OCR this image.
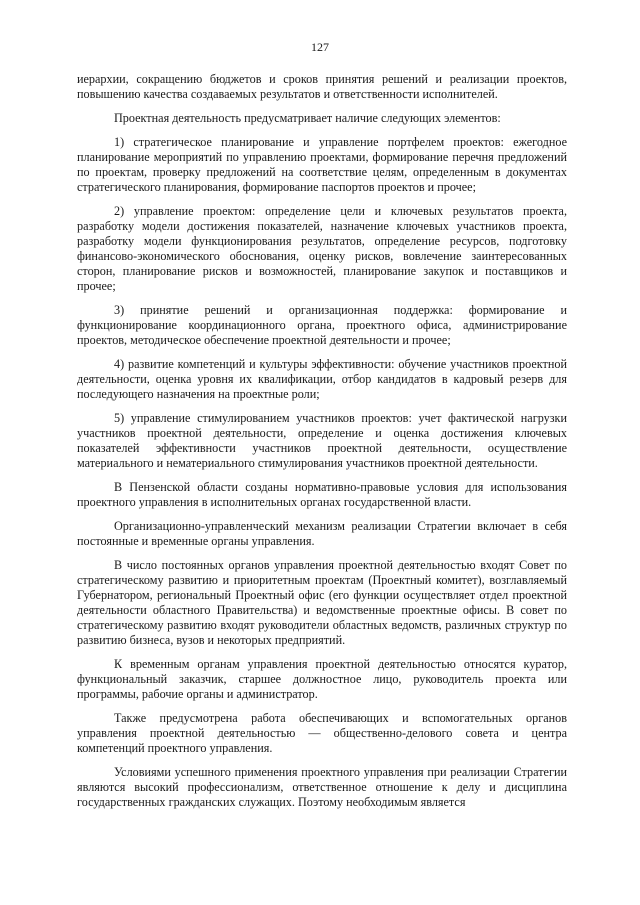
127

иерархии, сокращению бюджетов и сроков принятия решений и реализации проектов, повышению качества создаваемых результатов и ответственности исполнителей.

Проектная деятельность предусматривает наличие следующих элементов:

1) стратегическое планирование и управление портфелем проектов: ежегодное планирование мероприятий по управлению проектами, формирование перечня предложений по проектам, проверку предложений на соответствие целям, определенным в документах стратегического планирования, формирование паспортов проектов и прочее;

2) управление проектом: определение цели и ключевых результатов проекта, разработку модели достижения показателей, назначение ключевых участников проекта, разработку модели функционирования результатов, определение ресурсов, подготовку финансово-экономического обоснования, оценку рисков, вовлечение заинтересованных сторон, планирование рисков и возможностей, планирование закупок и поставщиков и прочее;

3) принятие решений и организационная поддержка: формирование и функционирование координационного органа, проектного офиса, администрирование проектов, методическое обеспечение проектной деятельности и прочее;

4) развитие компетенций и культуры эффективности: обучение участников проектной деятельности, оценка уровня их квалификации, отбор кандидатов в кадровый резерв для последующего назначения на проектные роли;

5) управление стимулированием участников проектов: учет фактической нагрузки участников проектной деятельности, определение и оценка достижения ключевых показателей эффективности участников проектной деятельности, осуществление материального и нематериального стимулирования участников проектной деятельности.

В Пензенской области созданы нормативно-правовые условия для использования проектного управления в исполнительных органах государственной власти.

Организационно-управленческий механизм реализации Стратегии включает в себя постоянные и временные органы управления.

В число постоянных органов управления проектной деятельностью входят Совет по стратегическому развитию и приоритетным проектам (Проектный комитет), возглавляемый Губернатором, региональный Проектный офис (его функции осуществляет отдел проектной деятельности областного Правительства) и ведомственные проектные офисы. В совет по стратегическому развитию входят руководители областных ведомств, различных структур по развитию бизнеса, вузов и некоторых предприятий.

К временным органам управления проектной деятельностью относятся куратор, функциональный заказчик, старшее должностное лицо, руководитель проекта или программы, рабочие органы и администратор.

Также предусмотрена работа обеспечивающих и вспомогательных органов управления проектной деятельностью — общественно-делового совета и центра компетенций проектного управления.

Условиями успешного применения проектного управления при реализации Стратегии являются высокий профессионализм, ответственное отношение к делу и дисциплина государственных гражданских служащих. Поэтому необходимым является
